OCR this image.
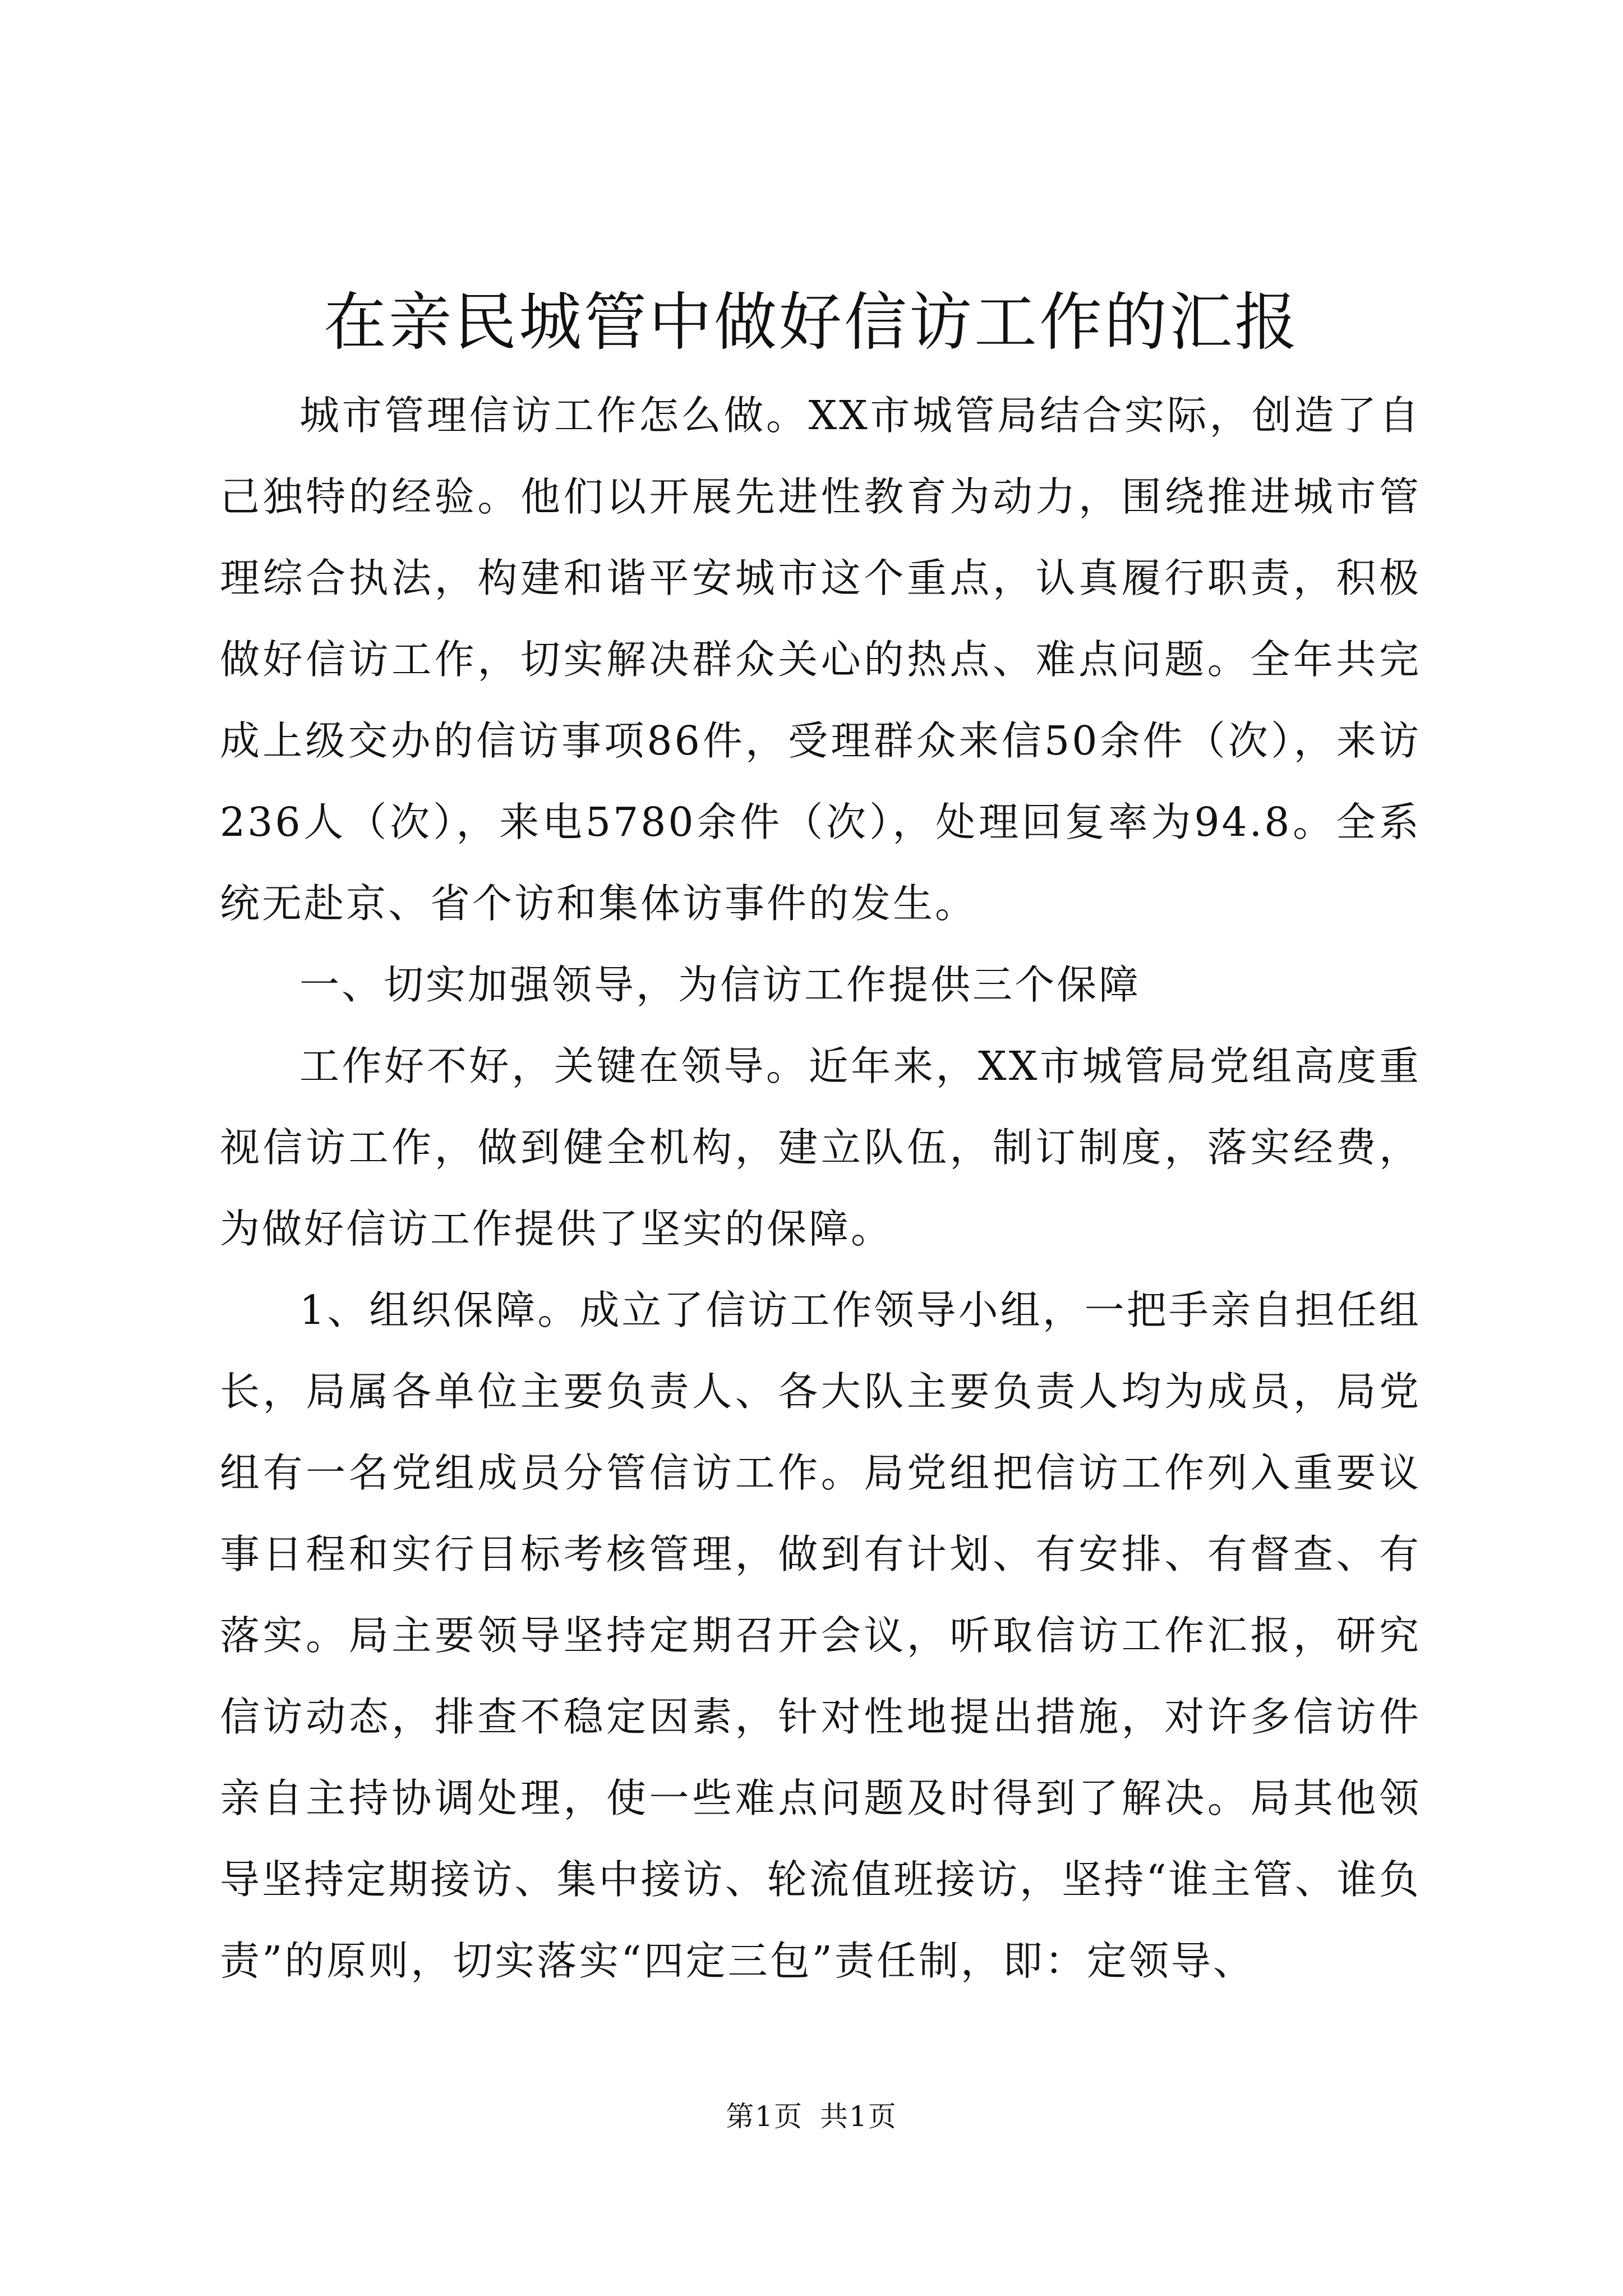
在亲民城管中做好信访工作的汇报

城市管理信访工作怎么做。XX市城管局结合实际，创造了自己独特的经验。他们以开展先进性教育为动力，围绕推进城市管理综合执法，构建和谐平安城市这个重点，认真履行职责，积极做好信访工作，切实解决群众关心的热点、难点问题。全年共完成上级交办的信访事项86件，受理群众来信50余件（次），来访236人（次），来电5780余件（次），处理回复率为94.8。全系统无赴京、省个访和集体访事件的发生。

一、切实加强领导，为信访工作提供三个保障

工作好不好，关键在领导。近年来，XX市城管局党组高度重视信访工作，做到健全机构，建立队伍，制订制度，落实经费，为做好信访工作提供了坚实的保障。

1、组织保障。成立了信访工作领导小组，一把手亲自担任组长，局属各单位主要负责人、各大队主要负责人均为成员，局党组有一名党组成员分管信访工作。局党组把信访工作列入重要议事日程和实行目标考核管理，做到有计划、有安排、有督查、有落实。局主要领导坚持定期召开会议，听取信访工作汇报，研究信访动态，排查不稳定因素，针对性地提出措施，对许多信访件亲自主持协调处理，使一些难点问题及时得到了解决。局其他领导坚持定期接访、集中接访、轮流值班接访，坚持“谁主管、谁负责”的原则，切实落实“四定三包”责任制，即：定领导、

第1页 共1页
